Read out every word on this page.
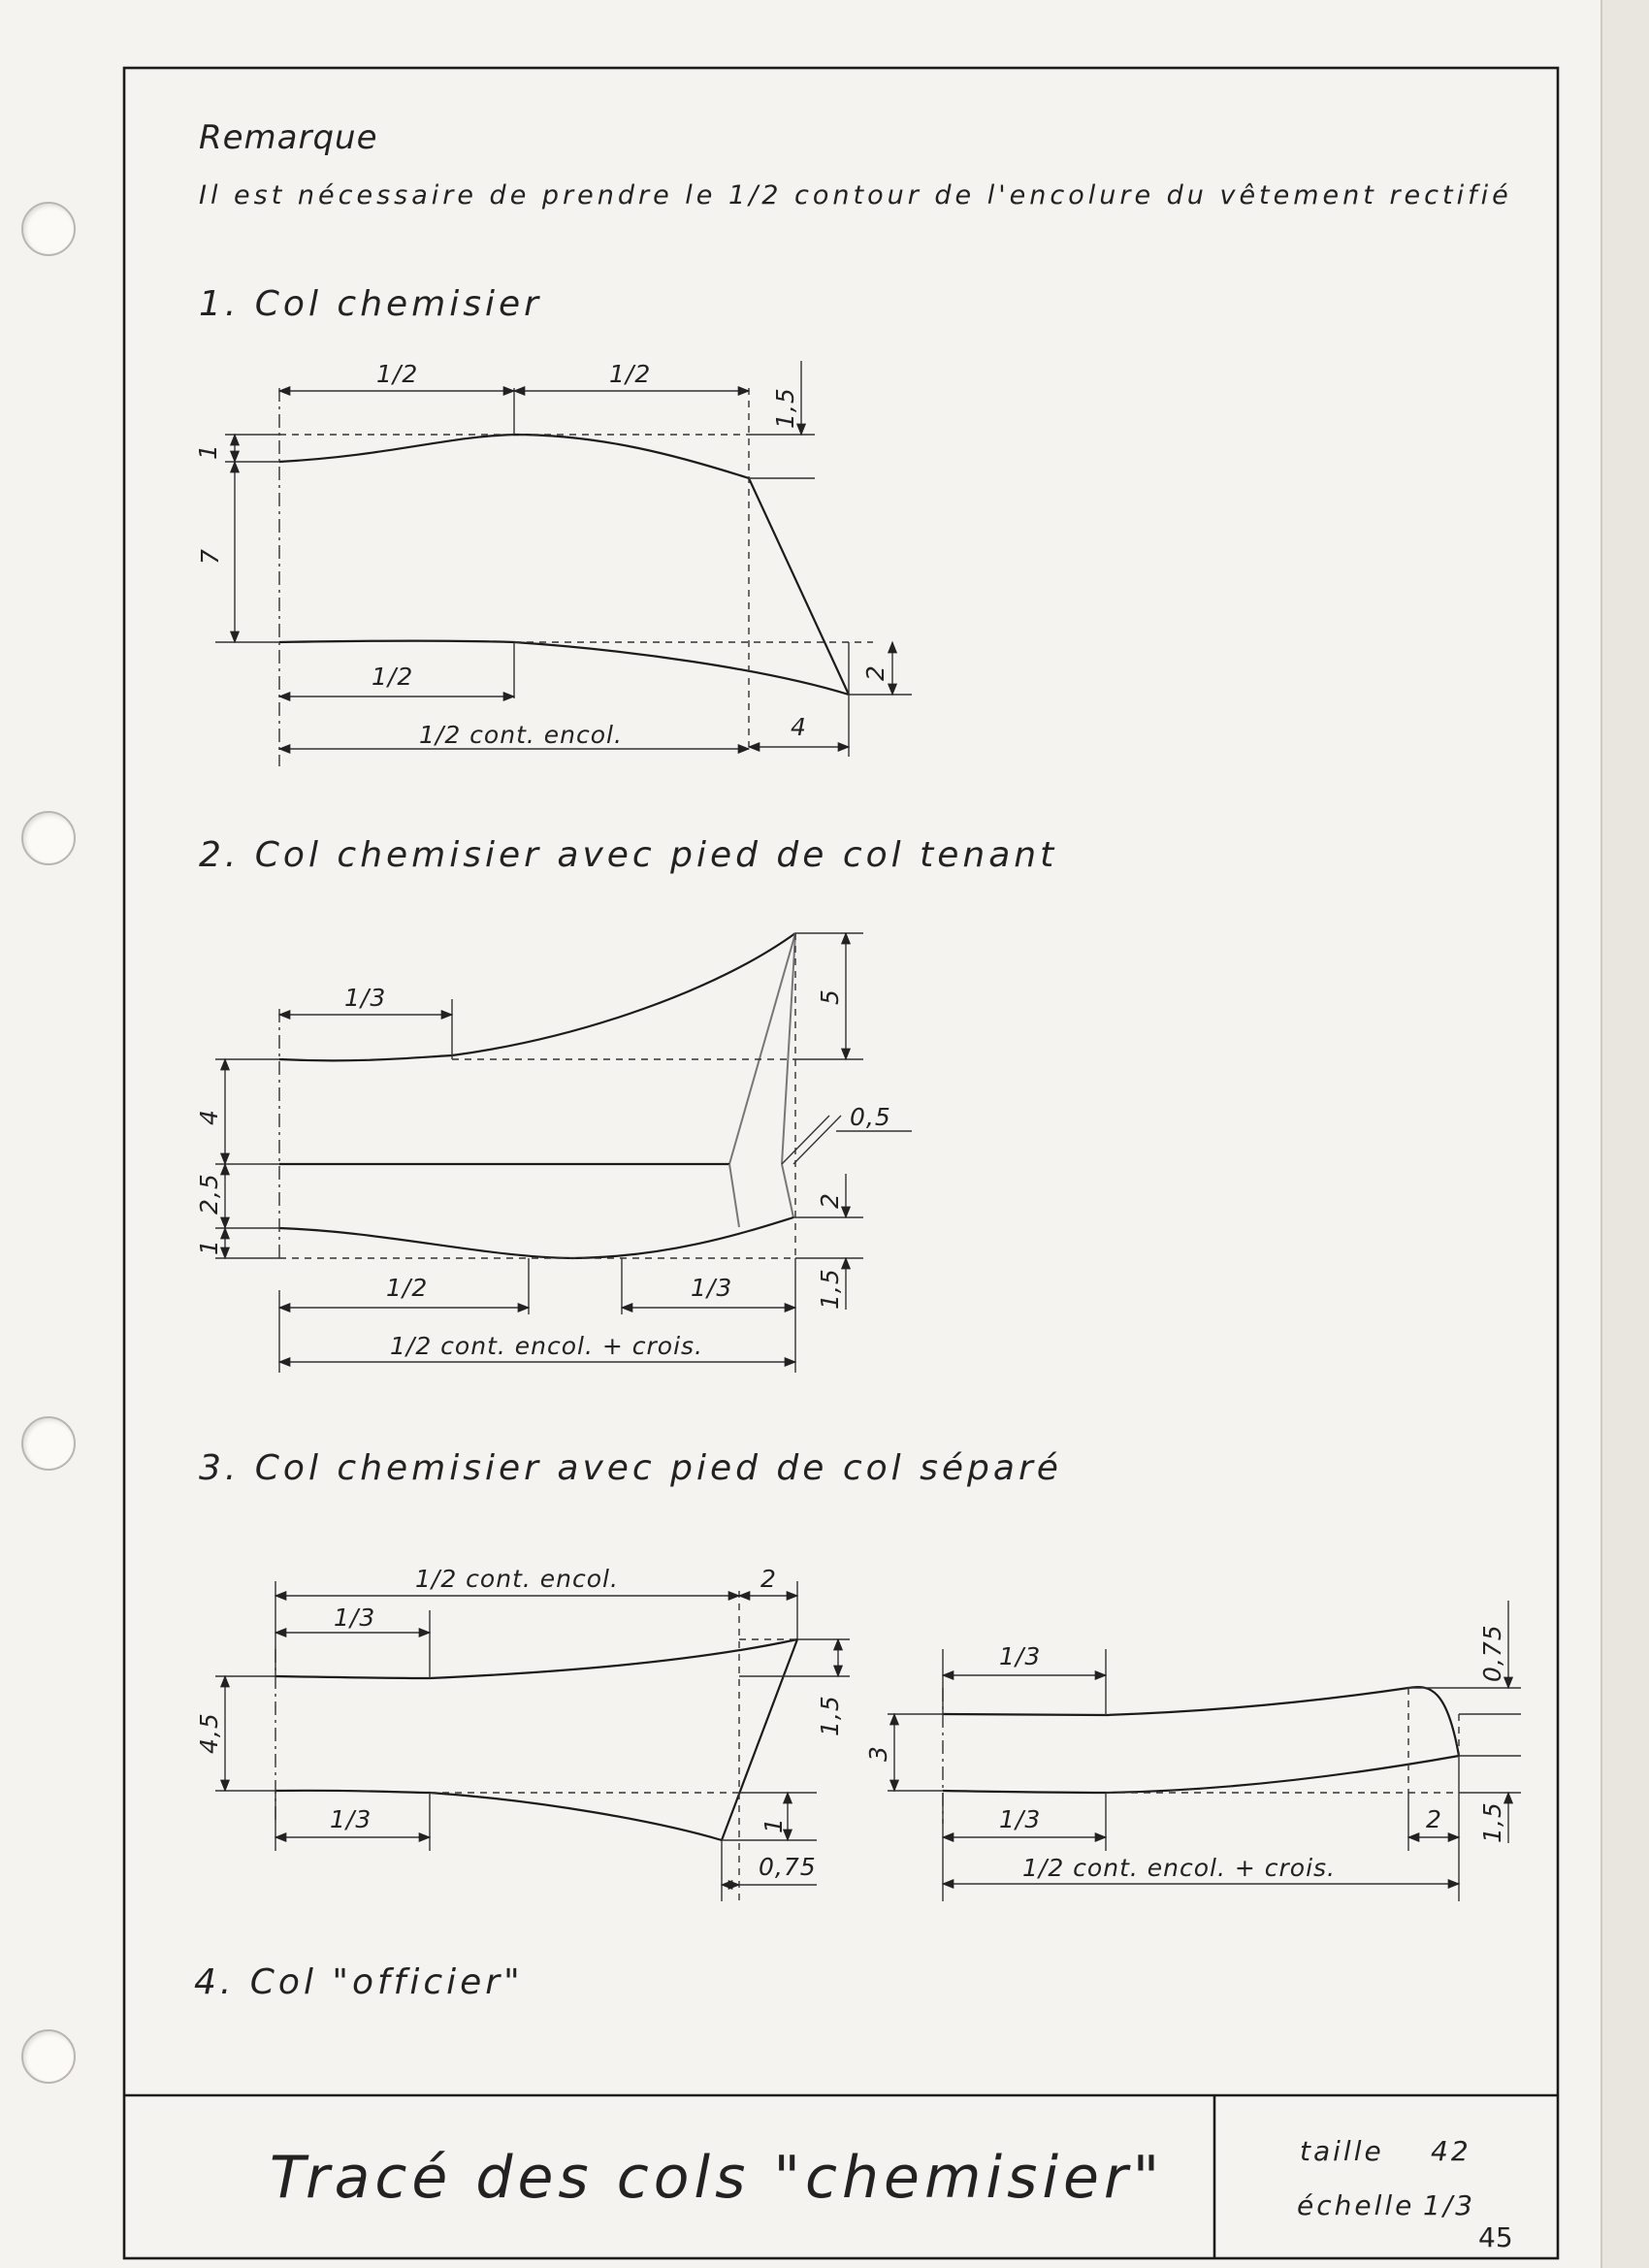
Remarque
Il est nécessaire de prendre le 1/2 contour de l'encolure du vêtement rectifié
1. Col chemisier
2. Col chemisier avec pied de col tenant
3. Col chemisier avec pied de col séparé
4. Col "officier"
1/2	1/2
1,5
1
7
1/2
1/2 cont. encol.
2
4
1/3	5
0,5
4
2,5
1
2
1/2	1/3	1,5
1/2 cont. encol. + crois.
1/2 cont. encol.	2
1/3
1,5
4,5
1/3	1
0,75
1/3	0,75
3
1/3	2 1,5
1/2 cont. encol. + crois.
Tracé des cols "chemisier"	taille 42
échelle 1/3
45
